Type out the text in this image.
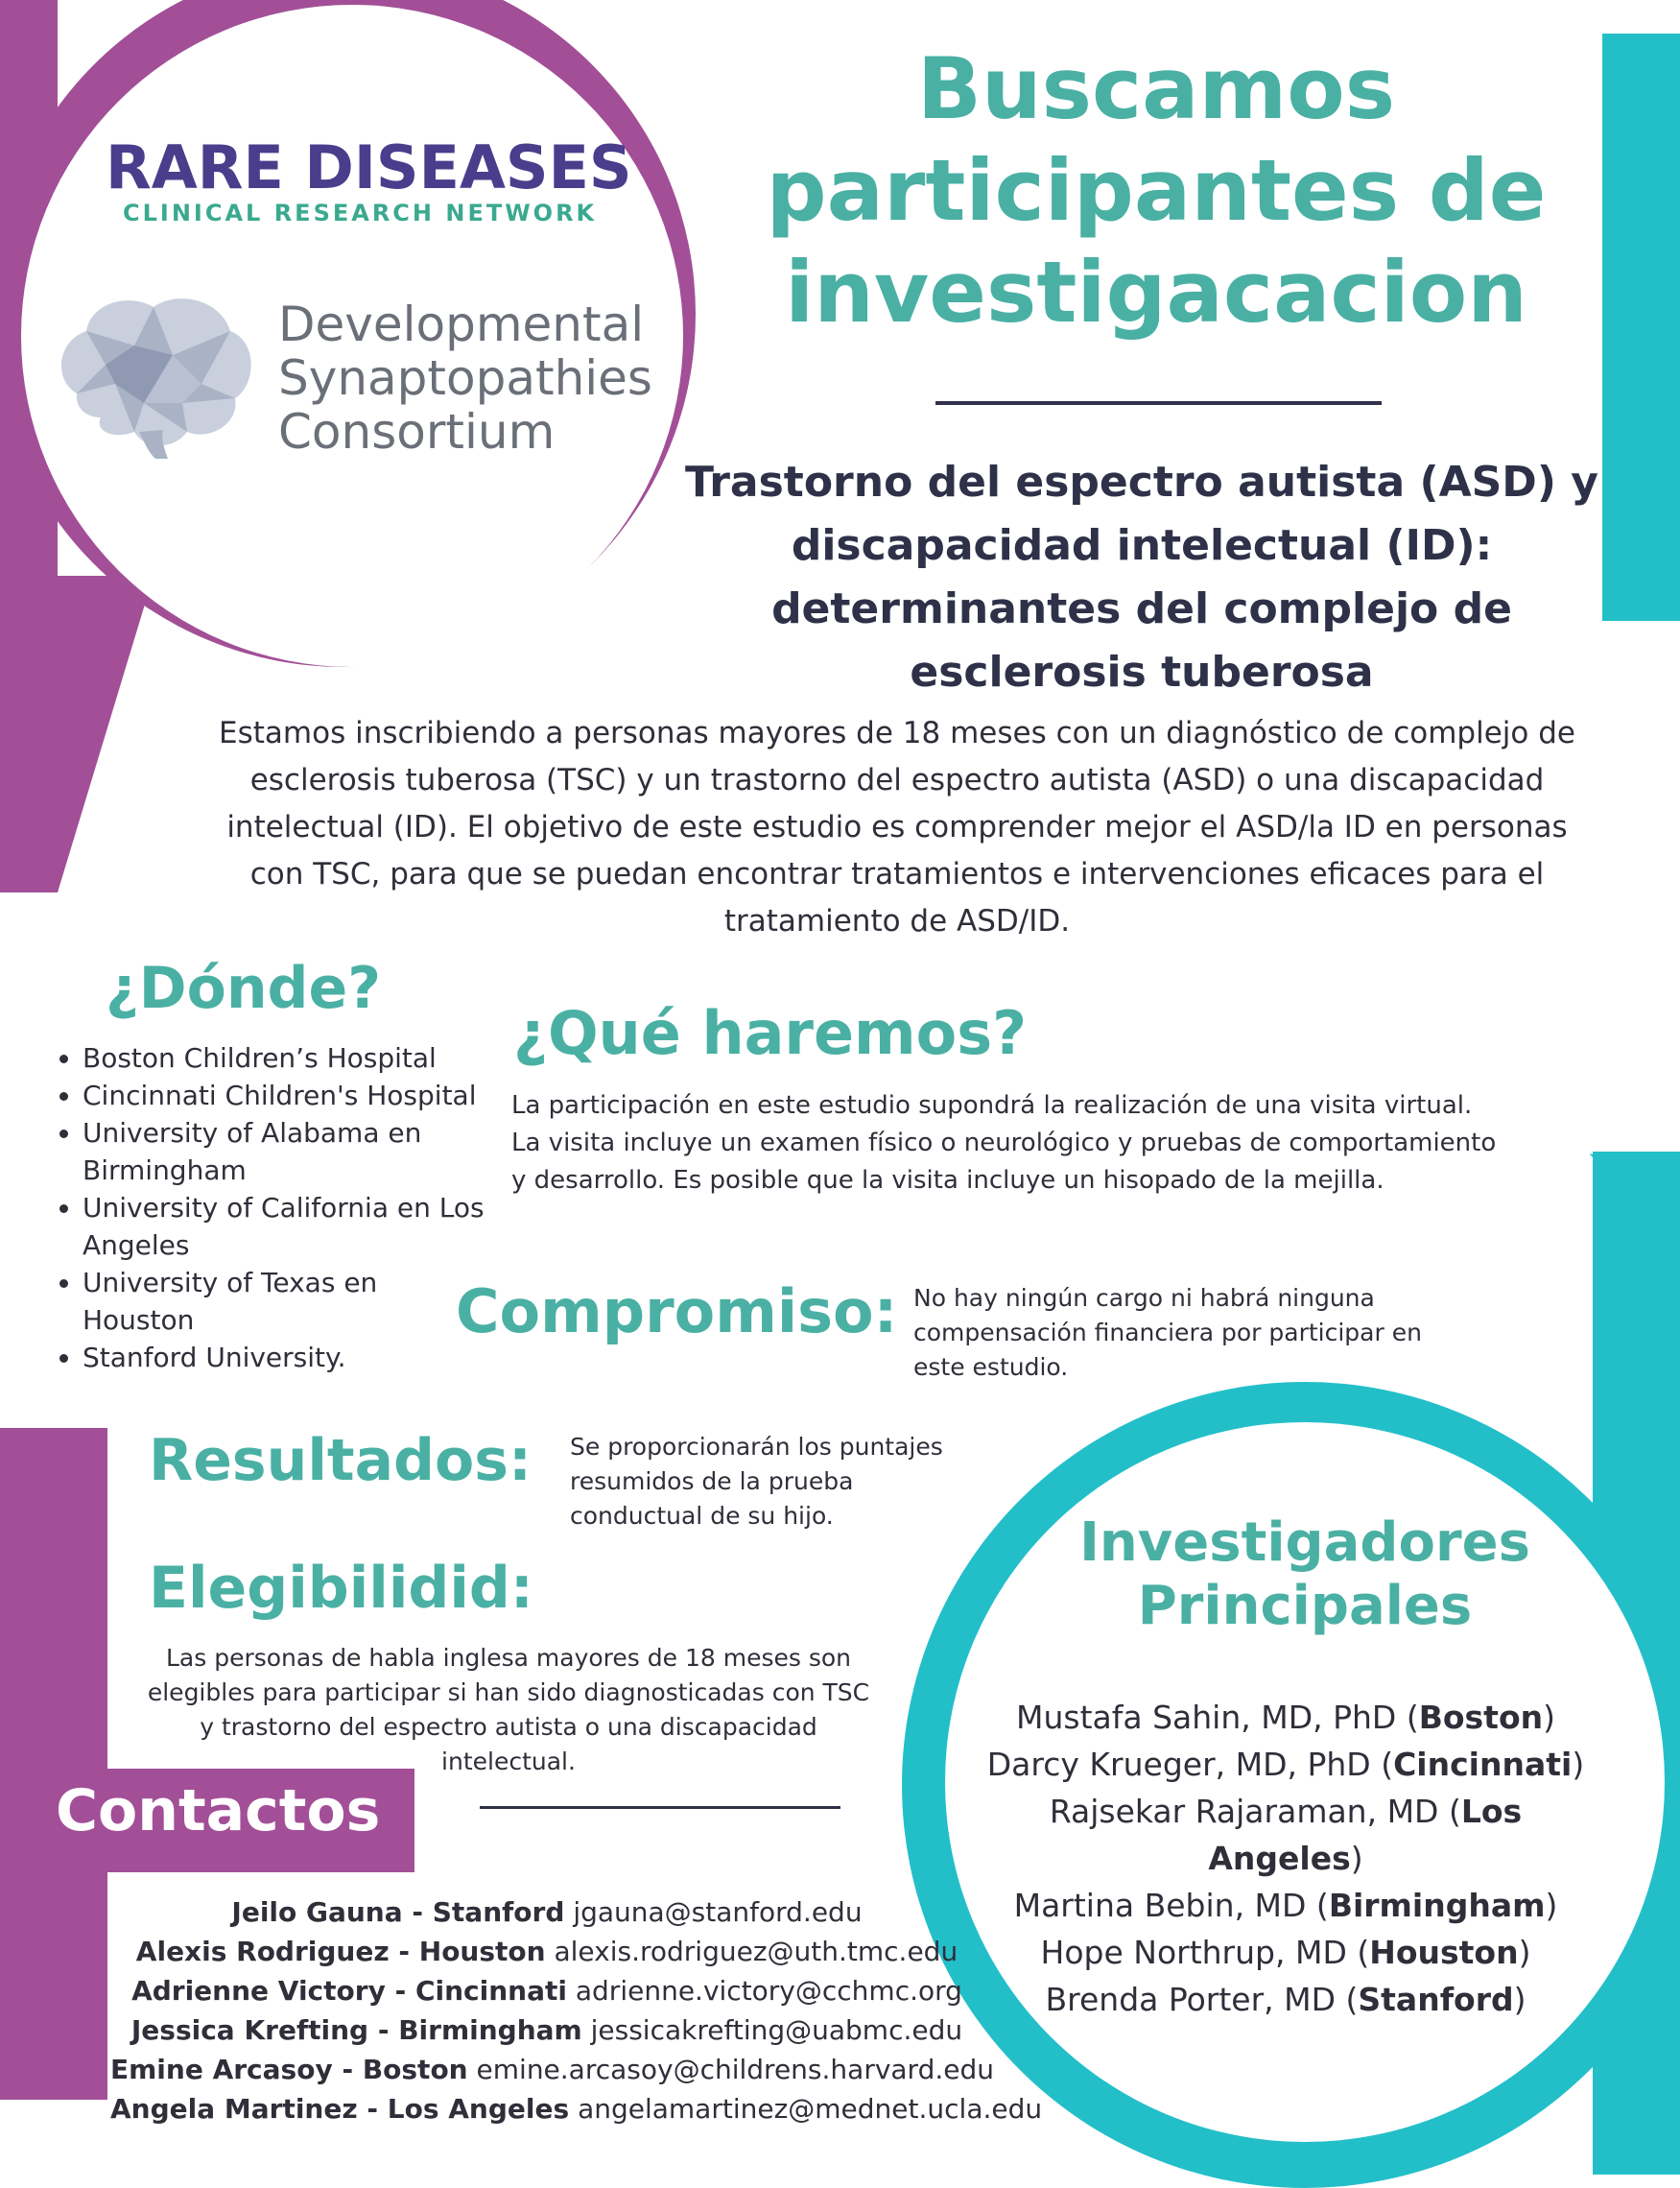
RARE DISEASES
CLINICAL RESEARCH NETWORK
Developmental
Synaptopathies
Consortium
Buscamos
participantes de
investigacacion
Trastorno del espectro autista (ASD) y
discapacidad intelectual (ID):
determinantes del complejo de
esclerosis tuberosa
Estamos inscribiendo a personas mayores de 18 meses con un diagnóstico de complejo de
esclerosis tuberosa (TSC) y un trastorno del espectro autista (ASD) o una discapacidad
intelectual (ID). El objetivo de este estudio es comprender mejor el ASD/la ID en personas
con TSC, para que se puedan encontrar tratamientos e intervenciones eficaces para el
tratamiento de ASD/ID.
¿Dónde?
• Boston Children’s Hospital
• Cincinnati Children's Hospital
• University of Alabama en Birmingham
• University of California en Los Angeles
• University of Texas en Houston
• Stanford University.
¿Qué haremos?
La participación en este estudio supondrá la realización de una visita virtual. La visita incluye un examen físico o neurológico y pruebas de comportamiento y desarrollo. Es posible que la visita incluye un hisopado de la mejilla.
Compromiso: No hay ningún cargo ni habrá ninguna compensación financiera por participar en este estudio.
Resultados: Se proporcionarán los puntajes resumidos de la prueba conductual de su hijo.
Elegibilidid:
Las personas de habla inglesa mayores de 18 meses son elegibles para participar si han sido diagnosticadas con TSC y trastorno del espectro autista o una discapacidad intelectual.
Contactos
Jeilo Gauna - Stanford jgauna@stanford.edu
Alexis Rodriguez - Houston alexis.rodriguez@uth.tmc.edu
Adrienne Victory - Cincinnati adrienne.victory@cchmc.org
Jessica Krefting - Birmingham jessicakrefting@uabmc.edu
Emine Arcasoy - Boston emine.arcasoy@childrens.harvard.edu
Angela Martinez - Los Angeles angelamartinez@mednet.ucla.edu
Investigadores
Principales
Mustafa Sahin, MD, PhD (Boston)
Darcy Krueger, MD, PhD (Cincinnati)
Rajsekar Rajaraman, MD (Los Angeles)
Martina Bebin, MD (Birmingham)
Hope Northrup, MD (Houston)
Brenda Porter, MD (Stanford)
